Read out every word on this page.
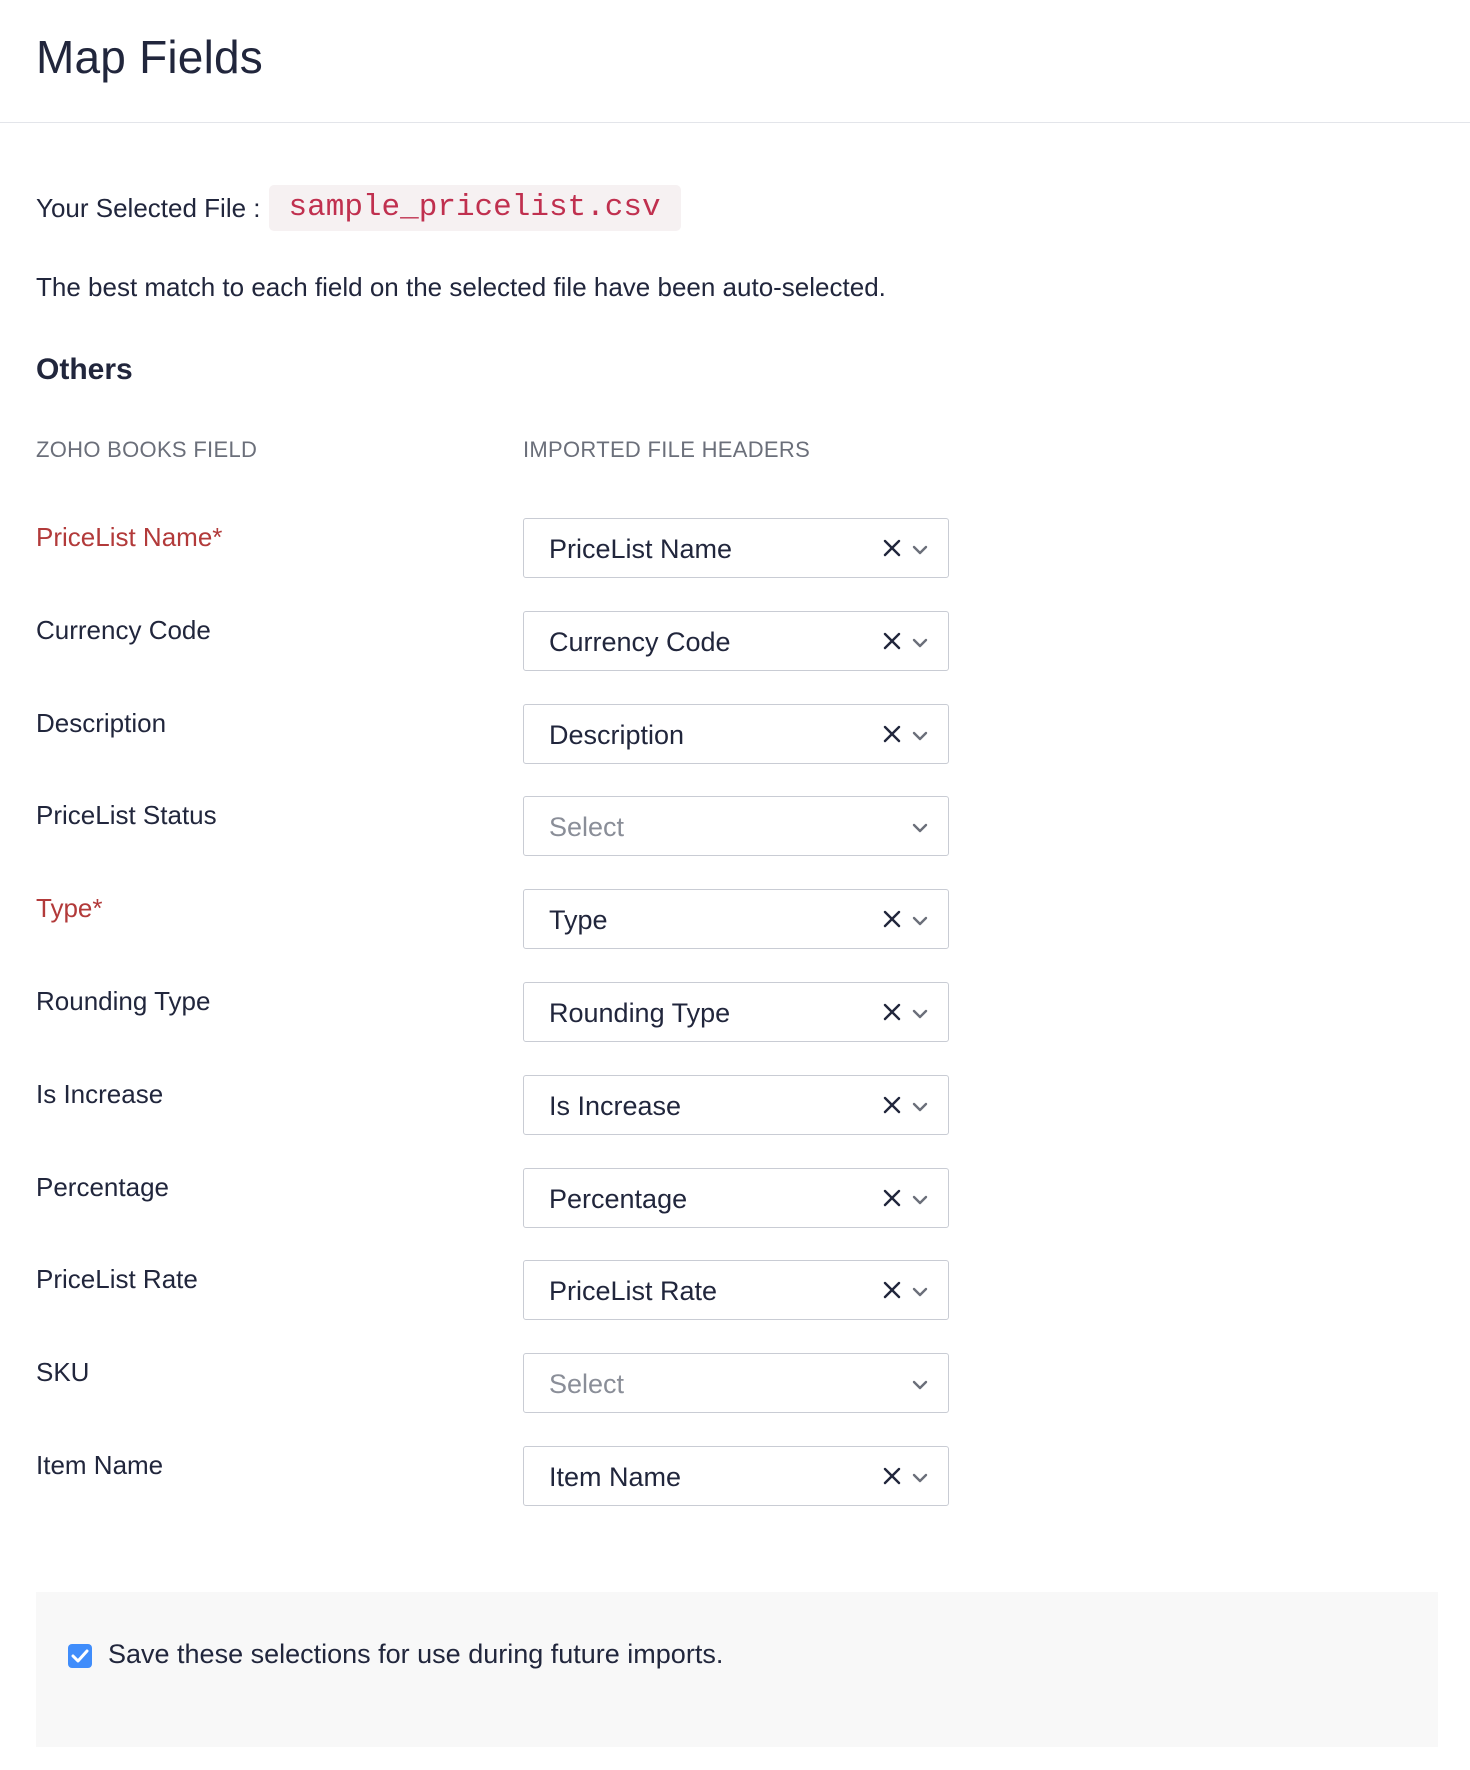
Map Fields
Your Selected File : sample_pricelist.csv
The best match to each field on the selected file have been auto-selected.
Others
ZOHO BOOKS FIELD	IMPORTED FILE HEADERS
PriceList Name*	PriceList Name
Currency Code	Currency Code
Description	Description
PriceList Status	Select
Type*	Type
Rounding Type	Rounding Type
Is Increase	Is Increase
Percentage	Percentage
PriceList Rate	PriceList Rate
SKU	Select
Item Name	Item Name
Save these selections for use during future imports.
